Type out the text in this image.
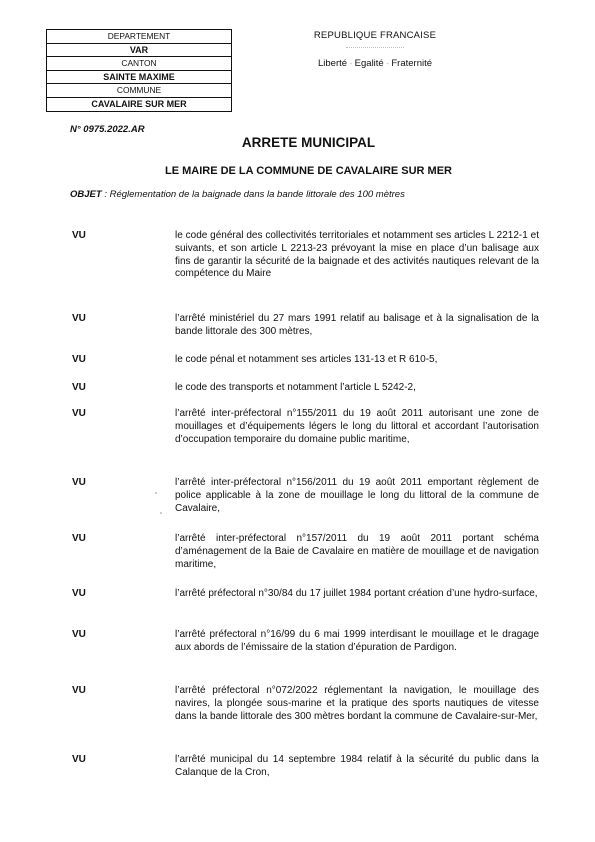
DEPARTEMENT
VAR
CANTON
SAINTE MAXIME
COMMUNE
CAVALAIRE SUR MER
REPUBLIQUE FRANCAISE
Liberté - Egalité - Fraternité
N° 0975.2022.AR
ARRETE MUNICIPAL
LE MAIRE DE LA COMMUNE DE CAVALAIRE SUR MER
OBJET : Réglementation de la baignade dans la bande littorale des 100 mètres
VU	le code général des collectivités territoriales et notamment ses articles L 2212-1 et suivants, et son article L 2213-23 prévoyant la mise en place d’un balisage aux fins de garantir la sécurité de la baignade et des activités nautiques relevant de la compétence du Maire
VU	l’arrêté ministériel du 27 mars 1991 relatif au balisage et à la signalisation de la bande littorale des 300 mètres,
VU	le code pénal et notamment ses articles 131-13 et R 610-5,
VU	le code des transports et notamment l’article L 5242-2,
VU	l’arrêté inter-préfectoral n°155/2011 du 19 août 2011 autorisant une zone de mouillages et d’équipements légers le long du littoral et accordant l’autorisation d’occupation temporaire du domaine public maritime,
VU	l’arrêté inter-préfectoral n°156/2011 du 19 août 2011 emportant règlement de police applicable à la zone de mouillage le long du littoral de la commune de Cavalaire,
VU	l’arrêté inter-préfectoral n°157/2011 du 19 août 2011 portant schéma d’aménagement de la Baie de Cavalaire en matière de mouillage et de navigation maritime,
VU	l’arrêté préfectoral n°30/84 du 17 juillet 1984 portant création d’une hydro-surface,
VU	l’arrêté préfectoral n°16/99 du 6 mai 1999 interdisant le mouillage et le dragage aux abords de l’émissaire de la station d’épuration de Pardigon.
VU	l’arrêté préfectoral n°072/2022 réglementant la navigation, le mouillage des navires, la plongée sous-marine et la pratique des sports nautiques de vitesse dans la bande littorale des 300 mètres bordant la commune de Cavalaire-sur-Mer,
VU	l’arrêté municipal du 14 septembre 1984 relatif à la sécurité du public dans la Calanque de la Cron,
